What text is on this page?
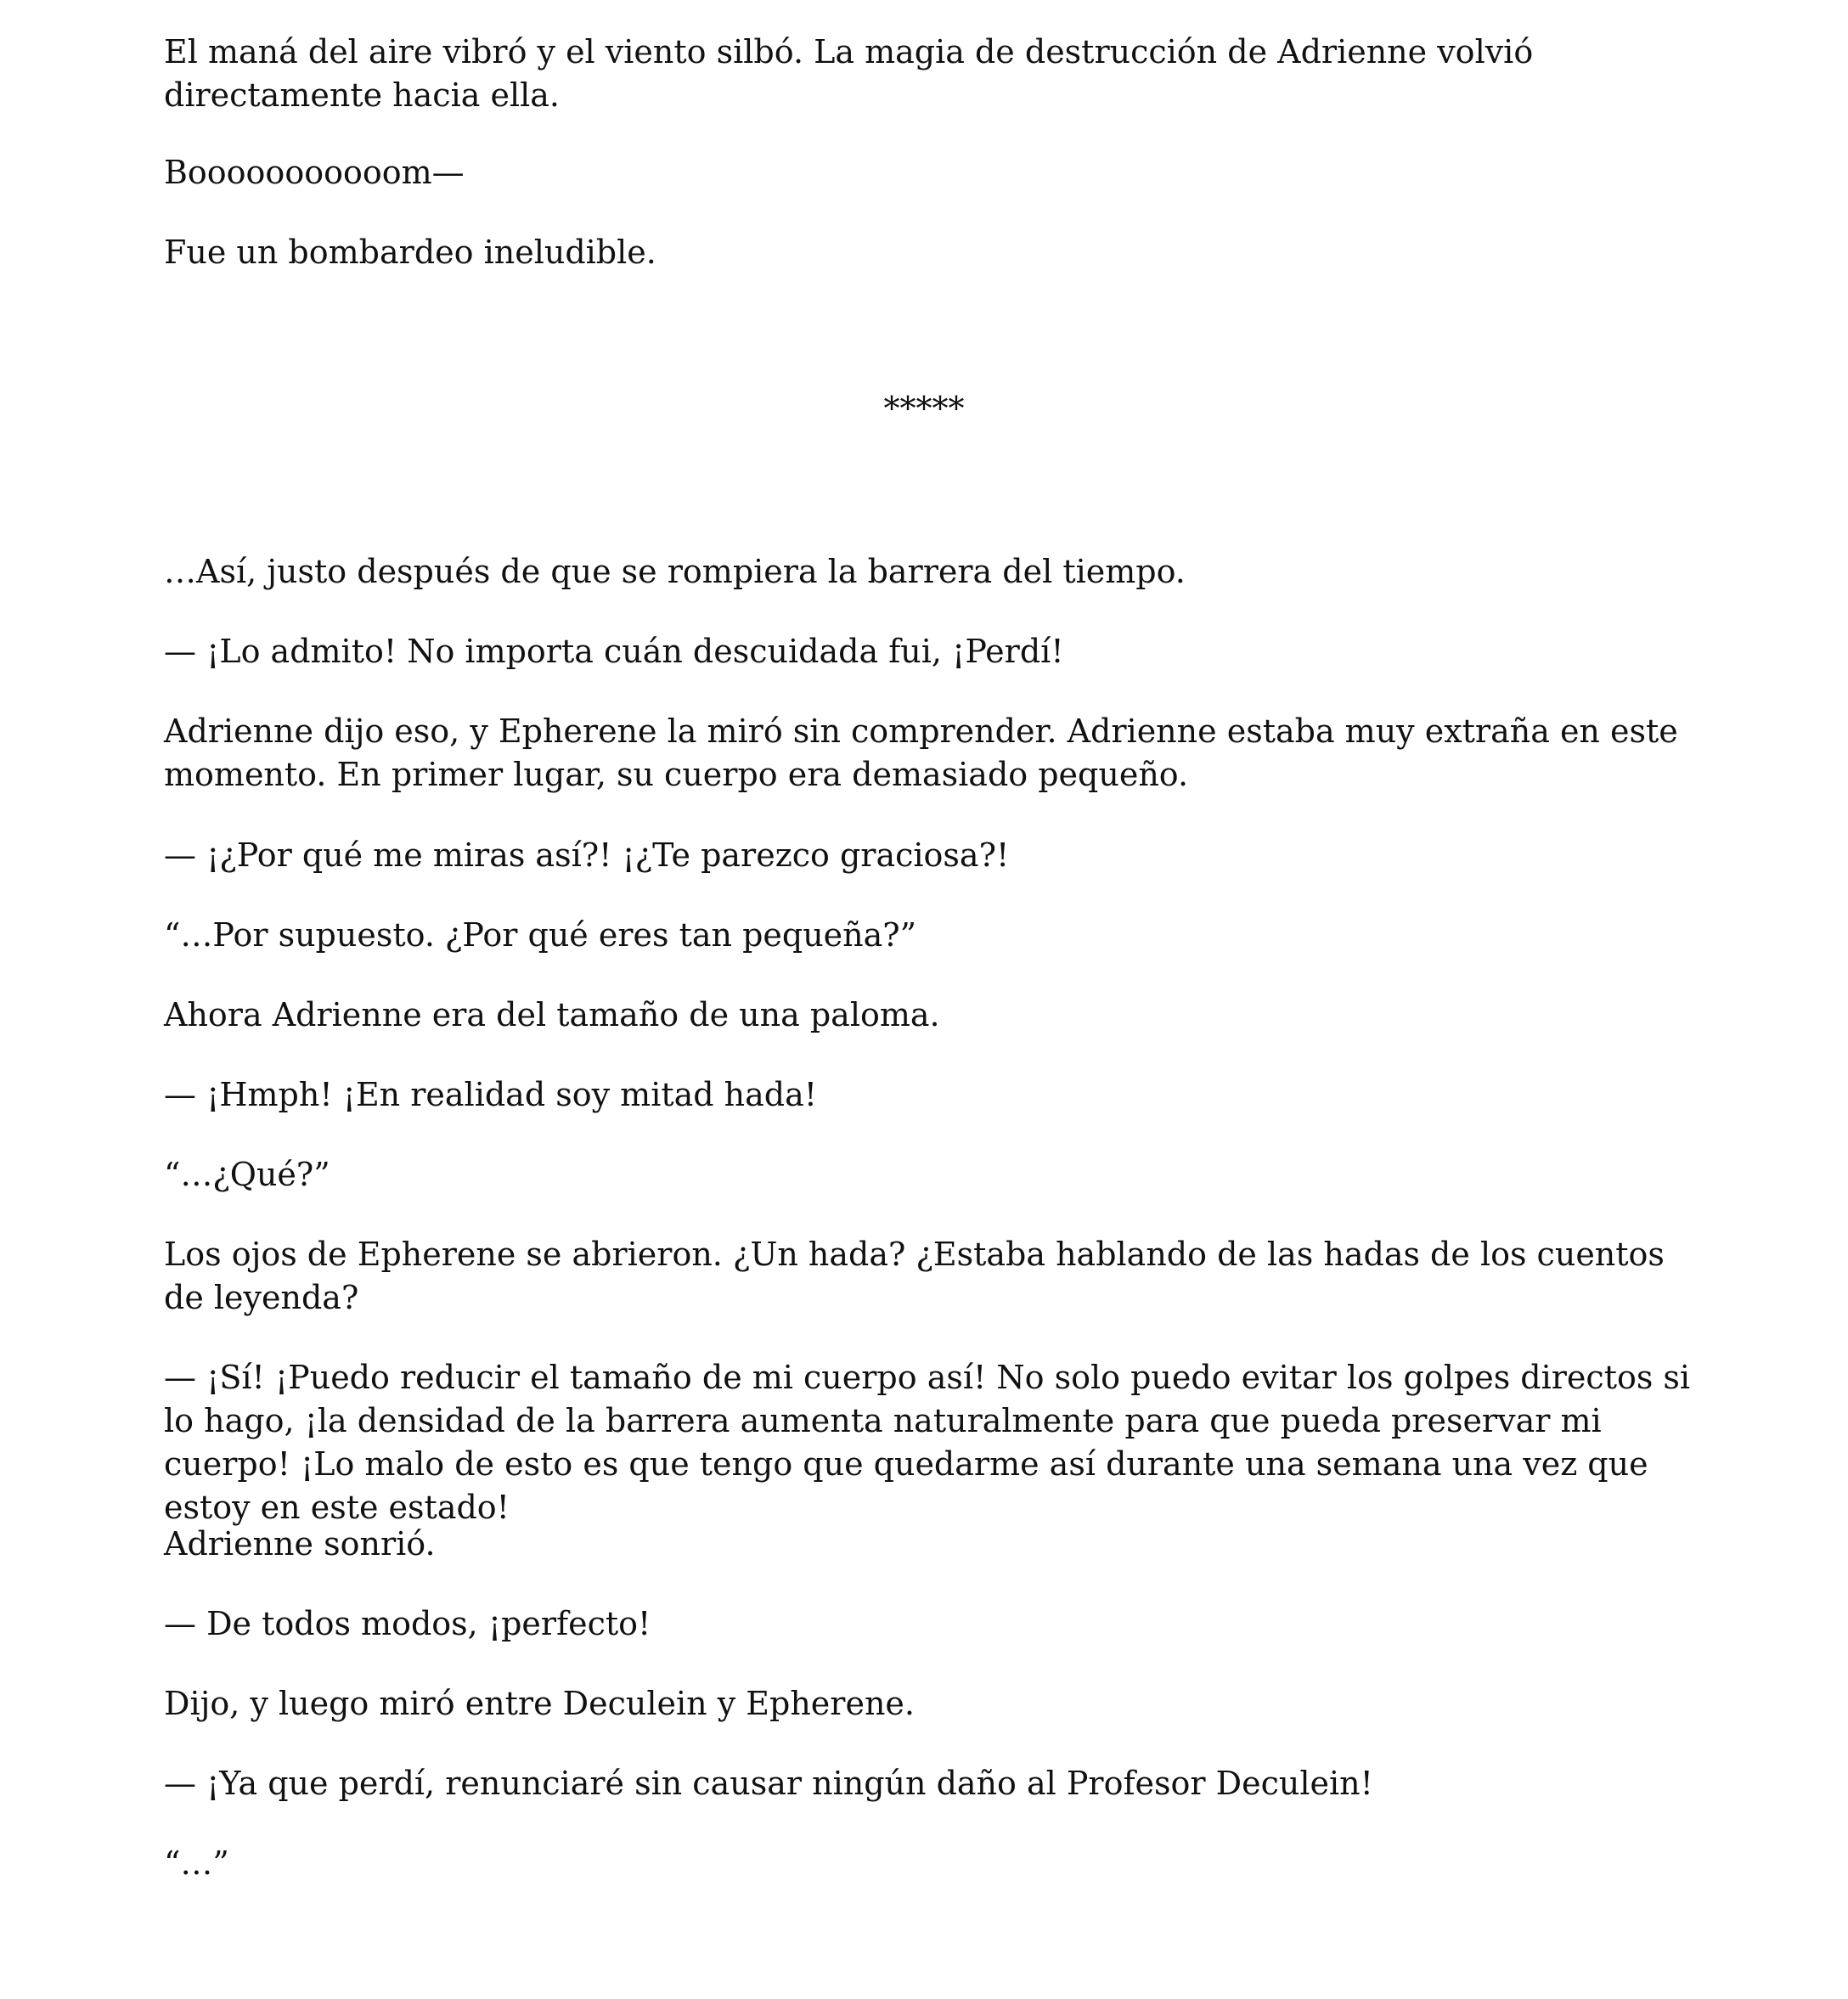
El maná del aire vibró y el viento silbó. La magia de destrucción de Adrienne volvió directamente hacia ella.

Booooooooooom—

Fue un bombardeo ineludible.

*****

…Así, justo después de que se rompiera la barrera del tiempo.

— ¡Lo admito! No importa cuán descuidada fui, ¡Perdí!

Adrienne dijo eso, y Epherene la miró sin comprender. Adrienne estaba muy extraña en este momento. En primer lugar, su cuerpo era demasiado pequeño.

— ¡¿Por qué me miras así?! ¡¿Te parezco graciosa?!

“…Por supuesto. ¿Por qué eres tan pequeña?”

Ahora Adrienne era del tamaño de una paloma.

— ¡Hmph! ¡En realidad soy mitad hada!

“…¿Qué?”

Los ojos de Epherene se abrieron. ¿Un hada? ¿Estaba hablando de las hadas de los cuentos de leyenda?

— ¡Sí! ¡Puedo reducir el tamaño de mi cuerpo así! No solo puedo evitar los golpes directos si lo hago, ¡la densidad de la barrera aumenta naturalmente para que pueda preservar mi cuerpo! ¡Lo malo de esto es que tengo que quedarme así durante una semana una vez que estoy en este estado!

Adrienne sonrió.

— De todos modos, ¡perfecto!

Dijo, y luego miró entre Deculein y Epherene.

— ¡Ya que perdí, renunciaré sin causar ningún daño al Profesor Deculein!

“…”
